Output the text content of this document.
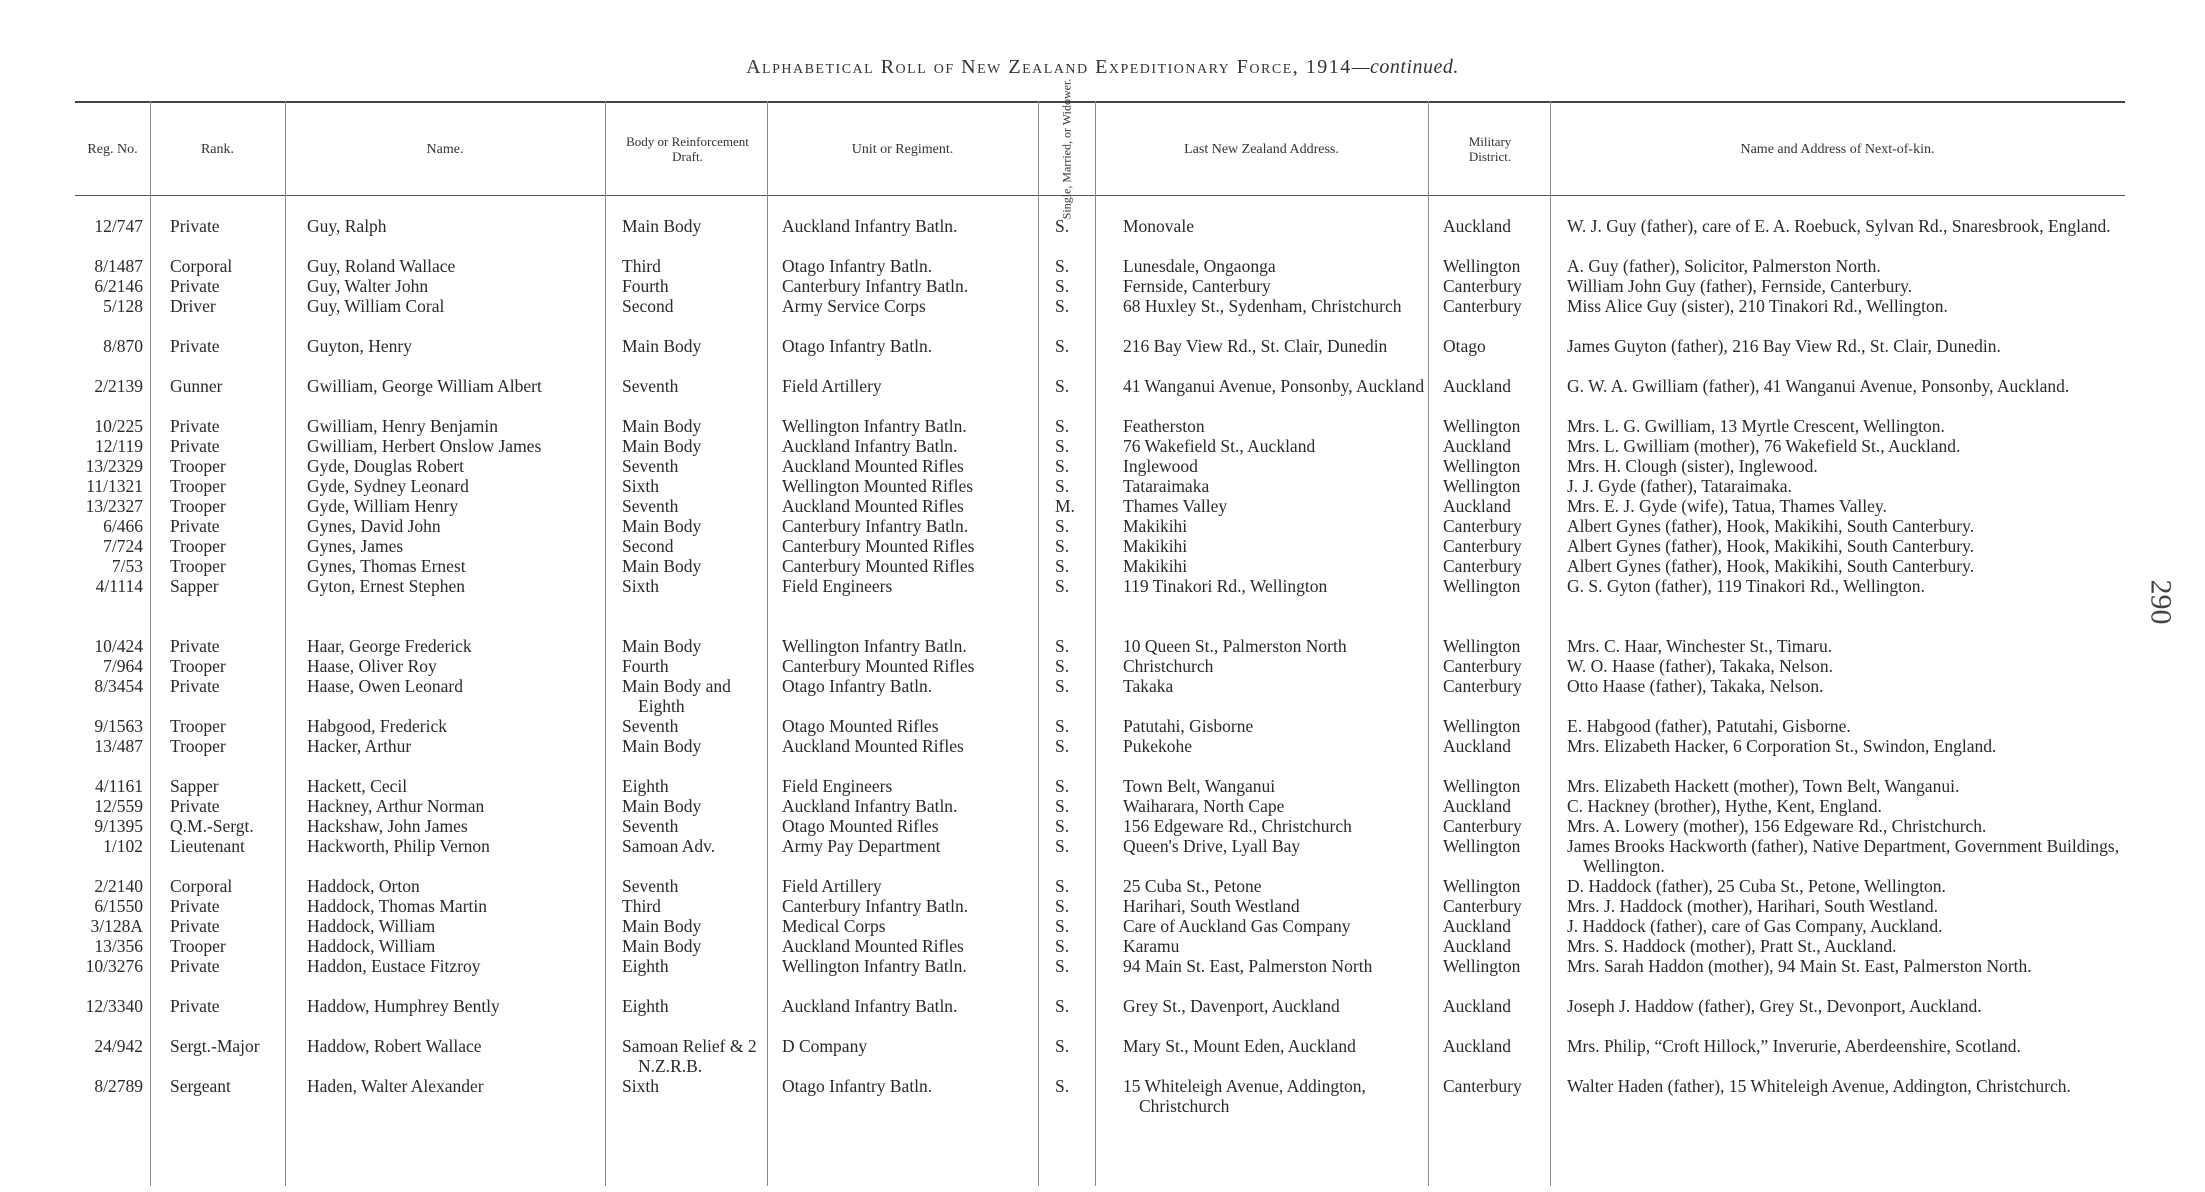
Alphabetical Roll of New Zealand Expeditionary Force, 1914—continued.
290
Reg. No.	Rank.	Name.	Body or Reinforcement Draft.	Unit or Regiment.	Single, Married, or Widower.	Last New Zealand Address.	Military District.	Name and Address of Next-of-kin.
12/747 Private	Guy, Ralph	Main Body	Auckland Infantry Batln.	S.	Monovale	Auckland	W. J. Guy (father), care of E. A. Roebuck, Sylvan Rd., Snaresbrook, England.
8/1487 Corporal	Guy, Roland Wallace	Third	Otago Infantry Batln.	S.	Lunesdale, Ongaonga	Wellington	A. Guy (father), Solicitor, Palmerston North.
6/2146 Private	Guy, Walter John	Fourth	Canterbury Infantry Batln.	S.	Fernside, Canterbury	Canterbury	William John Guy (father), Fernside, Canterbury.
5/128 Driver	Guy, William Coral	Second	Army Service Corps	S.	68 Huxley St., Sydenham, Christchurch	Canterbury	Miss Alice Guy (sister), 210 Tinakori Rd., Wellington.
8/870 Private	Guyton, Henry	Main Body	Otago Infantry Batln.	S.	216 Bay View Rd., St. Clair, Dunedin	Otago	James Guyton (father), 216 Bay View Rd., St. Clair, Dunedin.
2/2139 Gunner	Gwilliam, George William Albert	Seventh	Field Artillery	S.	41 Wanganui Avenue, Ponsonby, Auckland	Auckland	G. W. A. Gwilliam (father), 41 Wanganui Avenue, Ponsonby, Auckland.
10/225 Private	Gwilliam, Henry Benjamin	Main Body	Wellington Infantry Batln.	S.	Featherston	Wellington	Mrs. L. G. Gwilliam, 13 Myrtle Crescent, Wellington.
12/119 Private	Gwilliam, Herbert Onslow James	Main Body	Auckland Infantry Batln.	S.	76 Wakefield St., Auckland	Auckland	Mrs. L. Gwilliam (mother), 76 Wakefield St., Auckland.
13/2329 Trooper	Gyde, Douglas Robert	Seventh	Auckland Mounted Rifles	S.	Inglewood	Wellington	Mrs. H. Clough (sister), Inglewood.
11/1321 Trooper	Gyde, Sydney Leonard	Sixth	Wellington Mounted Rifles	S.	Tataraimaka	Wellington	J. J. Gyde (father), Tataraimaka.
13/2327 Trooper	Gyde, William Henry	Seventh	Auckland Mounted Rifles	M.	Thames Valley	Auckland	Mrs. E. J. Gyde (wife), Tatua, Thames Valley.
6/466 Private	Gynes, David John	Main Body	Canterbury Infantry Batln.	S.	Makikihi	Canterbury	Albert Gynes (father), Hook, Makikihi, South Canterbury.
7/724 Trooper	Gynes, James	Second	Canterbury Mounted Rifles	S.	Makikihi	Canterbury	Albert Gynes (father), Hook, Makikihi, South Canterbury.
7/53 Trooper	Gynes, Thomas Ernest	Main Body	Canterbury Mounted Rifles	S.	Makikihi	Canterbury	Albert Gynes (father), Hook, Makikihi, South Canterbury.
4/1114 Sapper	Gyton, Ernest Stephen	Sixth	Field Engineers	S.	119 Tinakori Rd., Wellington	Wellington	G. S. Gyton (father), 119 Tinakori Rd., Wellington.
10/424 Private	Haar, George Frederick	Main Body	Wellington Infantry Batln.	S.	10 Queen St., Palmerston North	Wellington	Mrs. C. Haar, Winchester St., Timaru.
7/964 Trooper	Haase, Oliver Roy	Fourth	Canterbury Mounted Rifles	S.	Christchurch	Canterbury	W. O. Haase (father), Takaka, Nelson.
8/3454 Private	Haase, Owen Leonard	Main Body and Eighth
Otago Infantry Batln.	S.	Takaka	Canterbury	Otto Haase (father), Takaka, Nelson.
9/1563 Trooper	Habgood, Frederick	Seventh	Otago Mounted Rifles	S.	Patutahi, Gisborne	Wellington	E. Habgood (father), Patutahi, Gisborne.
13/487 Trooper	Hacker, Arthur	Main Body	Auckland Mounted Rifles	S.	Pukekohe	Auckland	Mrs. Elizabeth Hacker, 6 Corporation St., Swindon, England.
4/1161 Sapper	Hackett, Cecil	Eighth	Field Engineers	S.	Town Belt, Wanganui	Wellington	Mrs. Elizabeth Hackett (mother), Town Belt, Wanganui.
12/559 Private	Hackney, Arthur Norman	Main Body	Auckland Infantry Batln.	S.	Waiharara, North Cape	Auckland	C. Hackney (brother), Hythe, Kent, England.
9/1395 Q.M.-Sergt.	Hackshaw, John James	Seventh	Otago Mounted Rifles	S.	156 Edgeware Rd., Christchurch	Canterbury	Mrs. A. Lowery (mother), 156 Edgeware Rd., Christchurch.
1/102 Lieutenant	Hackworth, Philip Vernon	Samoan Adv.	Army Pay Department	S.	Queen's Drive, Lyall Bay	Wellington	James Brooks Hackworth (father), Native Department, Government Buildings, Wellington.
2/2140 Corporal	Haddock, Orton	Seventh	Field Artillery	S.	25 Cuba St., Petone	Wellington	D. Haddock (father), 25 Cuba St., Petone, Wellington.
6/1550 Private	Haddock, Thomas Martin	Third	Canterbury Infantry Batln.	S.	Harihari, South Westland	Canterbury	Mrs. J. Haddock (mother), Harihari, South Westland.
3/128A Private	Haddock, William	Main Body	Medical Corps	S.	Care of Auckland Gas Company	Auckland	J. Haddock (father), care of Gas Company, Auckland.
13/356 Trooper	Haddock, William	Main Body	Auckland Mounted Rifles	S.	Karamu	Auckland	Mrs. S. Haddock (mother), Pratt St., Auckland.
10/3276 Private	Haddon, Eustace Fitzroy	Eighth	Wellington Infantry Batln.	S.	94 Main St. East, Palmerston North	Wellington	Mrs. Sarah Haddon (mother), 94 Main St. East, Palmerston North.
12/3340 Private	Haddow, Humphrey Bently	Eighth	Auckland Infantry Batln.	S.	Grey St., Davenport, Auckland	Auckland	Joseph J. Haddow (father), Grey St., Devonport, Auckland.
24/942 Sergt.-Major	Haddow, Robert Wallace	Samoan Relief & 2 N.Z.R.B.
D Company	S.	Mary St., Mount Eden, Auckland	Auckland	Mrs. Philip, “Croft Hillock,” Inverurie, Aberdeenshire, Scotland.
8/2789 Sergeant	Haden, Walter Alexander	Sixth	Otago Infantry Batln.	S.	15 Whiteleigh Avenue, Addington, Christchurch
Canterbury	Walter Haden (father), 15 Whiteleigh Avenue, Addington, Christchurch.
